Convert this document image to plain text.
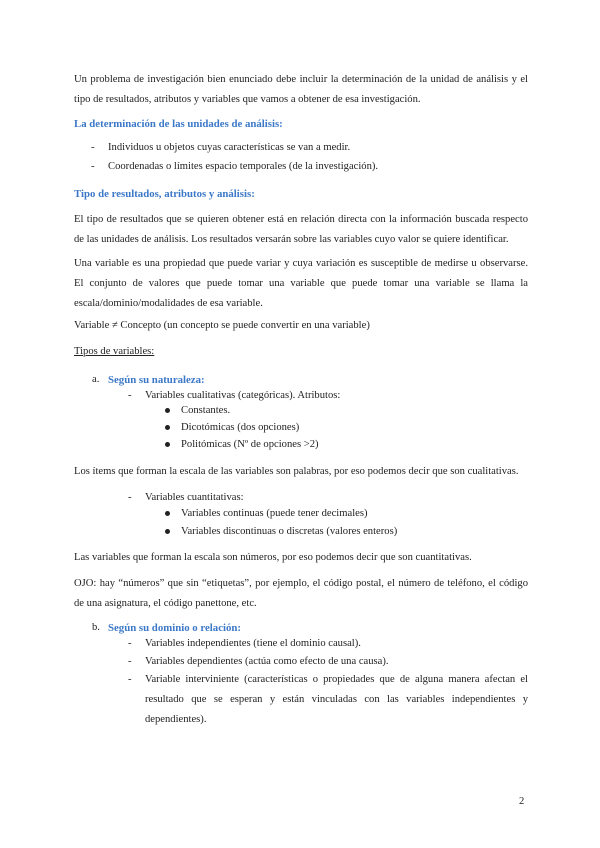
Un problema de investigación bien enunciado debe incluir la determinación de la unidad de análisis y el tipo de resultados, atributos y variables que vamos a obtener de esa investigación.

La determinación de las unidades de análisis:

- Individuos u objetos cuyas características se van a medir.

- Coordenadas o límites espacio temporales (de la investigación).

Tipo de resultados, atributos y análisis:

El tipo de resultados que se quieren obtener está en relación directa con la información buscada respecto de las unidades de análisis. Los resultados versarán sobre las variables cuyo valor se quiere identificar.

Una variable es una propiedad que puede variar y cuya variación es susceptible de medirse u observarse. El conjunto de valores que puede tomar una variable que puede tomar una variable se llama la escala/dominio/modalidades de esa variable.

Variable ≠ Concepto (un concepto se puede convertir en una variable)

Tipos de variables:

a. Según su naturaleza:

- Variables cualitativas (categóricas). Atributos:

Constantes.

Dicotómicas (dos opciones)

Politómicas (Nº de opciones >2)

Los ítems que forman la escala de las variables son palabras, por eso podemos decir que son cualitativas.

- Variables cuantitativas:

Variables continuas (puede tener decimales)

Variables discontinuas o discretas (valores enteros)

Las variables que forman la escala son números, por eso podemos decir que son cuantitativas.

OJO: hay “números” que sin “etiquetas”, por ejemplo, el código postal, el número de teléfono, el código de una asignatura, el código panettone, etc.

b. Según su dominio o relación:

- Variables independientes (tiene el dominio causal).

- Variables dependientes (actúa como efecto de una causa).

- Variable interviniente (características o propiedades que de alguna manera afectan el resultado que se esperan y están vinculadas con las variables independientes y dependientes).

2
